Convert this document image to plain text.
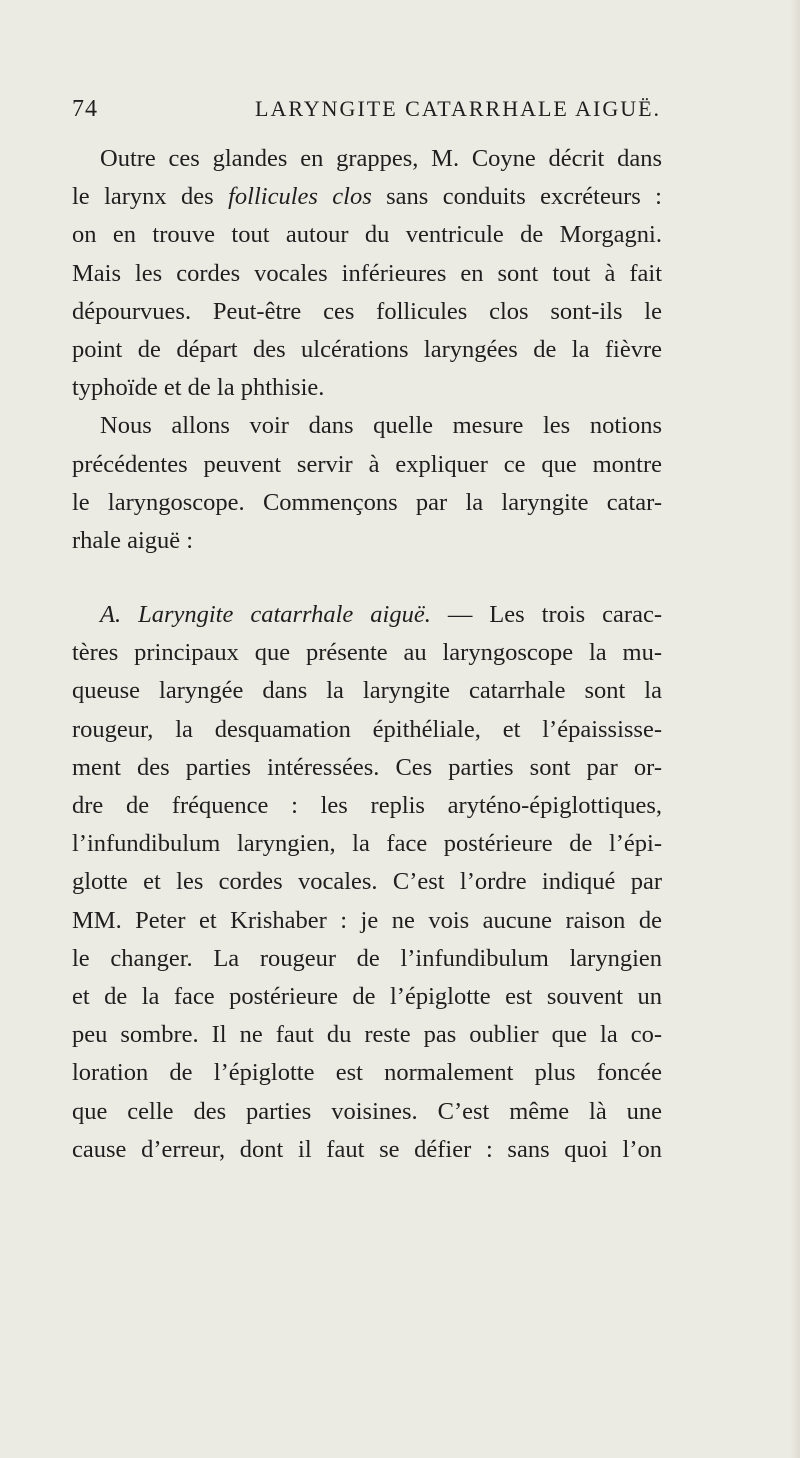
74	LARYNGITE CATARRHALE AIGUË.
Outre ces glandes en grappes, M. Coyne décrit dans
le larynx des follicules clos sans conduits excréteurs :
on en trouve tout autour du ventricule de Morgagni.
Mais les cordes vocales inférieures en sont tout à fait
dépourvues. Peut-être ces follicules clos sont-ils le
point de départ des ulcérations laryngées de la fièvre
typhoïde et de la phthisie.
Nous allons voir dans quelle mesure les notions
précédentes peuvent servir à expliquer ce que montre
le laryngoscope. Commençons par la laryngite catar-
rhale aiguë :
A. Laryngite catarrhale aiguë. — Les trois carac-
tères principaux que présente au laryngoscope la mu-
queuse laryngée dans la laryngite catarrhale sont la
rougeur, la desquamation épithéliale, et l’épaississe-
ment des parties intéressées. Ces parties sont par or-
dre de fréquence : les replis aryténo-épiglottiques,
l’infundibulum laryngien, la face postérieure de l’épi-
glotte et les cordes vocales. C’est l’ordre indiqué par
MM. Peter et Krishaber : je ne vois aucune raison de
le changer. La rougeur de l’infundibulum laryngien
et de la face postérieure de l’épiglotte est souvent un
peu sombre. Il ne faut du reste pas oublier que la co-
loration de l’épiglotte est normalement plus foncée
que celle des parties voisines. C’est même là une
cause d’erreur, dont il faut se défier : sans quoi l’on
